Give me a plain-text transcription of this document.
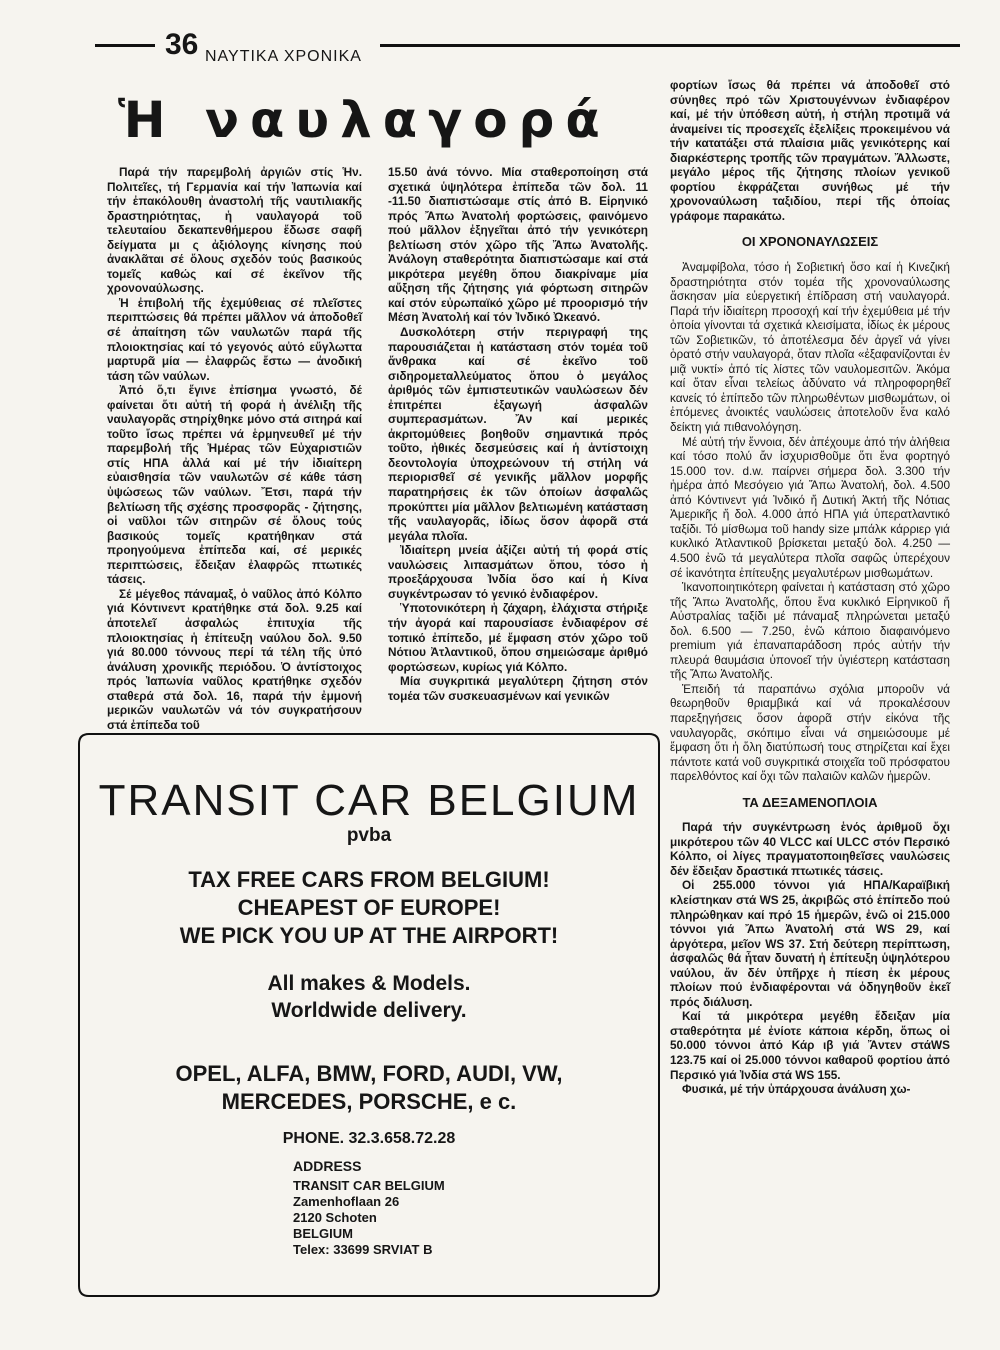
36 ΝΑΥΤΙΚΑ ΧΡΟΝΙΚΑ
Ἡ ναυλαγορά

Παρά τήν παρεμβολή ἀργιῶν στίς Ἡν. Πολιτεῖες, τή Γερμανία καί τήν Ἰαπωνία καί τήν ἐπακόλουθη ἀναστολή τῆς ναυτιλιακῆς δραστηριότητας, ἡ ναυλαγορά τοῦ τελευταίου δεκαπενθήμερου ἔδωσε σαφῆ δείγματα μι ς ἀξιόλογης κίνησης πού ἀνακλᾶται σέ ὅλους σχεδόν τούς βασικούς τομεῖς καθώς καί σέ ἐκεῖνον τῆς χρονοναύλωσης.

Ἡ ἐπιβολή τῆς ἐχεμύθειας σέ πλεῖστες περιπτώσεις θά πρέπει μᾶλλον νά ἀποδοθεῖ σέ ἀπαίτηση τῶν ναυλωτῶν παρά τῆς πλοιοκτησίας καί τό γεγονός αὐτό εὔγλωττα μαρτυρᾶ μία — ἐλαφρῶς ἔστω — ἀνοδική τάση τῶν ναύλων.

Ἀπό ὅ,τι ἔγινε ἐπίσημα γνωστό, δέ φαίνεται ὅτι αὐτή τή φορά ἡ ἀνέλιξη τῆς ναυλαγορᾶς στηρίχθηκε μόνο στά σιτηρά καί τοῦτο ἴσως πρέπει νά ἑρμηνευθεῖ μέ τήν παρεμβολή τῆς Ἡμέρας τῶν Εὐχαριστιῶν στίς ΗΠΑ ἀλλά καί μέ τήν ἰδιαίτερη εὐαισθησία τῶν ναυλωτῶν σέ κάθε τάση ὑψώσεως τῶν ναύλων. Ἔτσι, παρά τήν βελτίωση τῆς σχέσης προσφορᾶς - ζήτησης, οἱ ναῦλοι τῶν σιτηρῶν σέ ὅλους τούς βασικούς τομεῖς κρατήθηκαν στά προηγούμενα ἐπίπεδα καί, σέ μερικές περιπτώσεις, ἔδειξαν ἐλαφρῶς πτωτικές τάσεις.

Σέ μέγεθος πάναμαξ, ὁ ναῦλος ἀπό Κόλπο γιά Κόντινεντ κρατήθηκε στά δολ. 9.25 καί ἀποτελεῖ ἀσφαλώς ἐπιτυχία τῆς πλοιοκτησίας ἡ ἐπίτευξη ναύλου δολ. 9.50 γιά 80.000 τόννους περί τά τέλη τῆς ὑπό ἀνάλυση χρονικῆς περιόδου. Ὁ ἀντίστοιχος πρός Ἰαπωνία ναῦλος κρατήθηκε σχεδόν σταθερά στά δολ. 16, παρά τήν ἐμμονή μερικῶν ναυλωτῶν νά τόν συγκρατήσουν στά ἐπίπεδα τοῦ

15.50 ἀνά τόννο. Μία σταθεροποίηση στά σχετικά ὑψηλότερα ἐπίπεδα τῶν δολ. 11 -11.50 διαπιστώσαμε στίς ἀπό Β. Εἰρηνικό πρός Ἄπω Ἀνατολή φορτώσεις, φαινόμενο πού μᾶλλον ἐξηγεῖται ἀπό τήν γενικότερη βελτίωση στόν χῶρο τῆς Ἄπω Ἀνατολῆς. Ἀνάλογη σταθερότητα διαπιστώσαμε καί στά μικρότερα μεγέθη ὅπου διακρίναμε μία αὔξηση τῆς ζήτησης γιά φόρτωση σιτηρῶν καί στόν εὐρωπαϊκό χῶρο μέ προορισμό τήν Μέση Ἀνατολή καί τόν Ἰνδικό Ὠκεανό.

Δυσκολότερη στήν περιγραφή της παρουσιάζεται ἡ κατάσταση στόν τομέα τοῦ ἄνθρακα καί σέ ἐκεῖνο τοῦ σιδηρομεταλλεύματος ὅπου ὁ μεγάλος ἀριθμός τῶν ἐμπιστευτικῶν ναυλώσεων δέν ἐπιτρέπει ἐξαγωγή ἀσφαλῶν συμπερασμάτων. Ἄν καί μερικές ἀκριτομύθειες βοηθοῦν σημαντικά πρός τοῦτο, ἠθικές δεσμεύσεις καί ἡ ἀντίστοιχη δεοντολογία ὑποχρεώνουν τή στήλη νά περιορισθεῖ σέ γενικῆς μᾶλλον μορφῆς παρατηρήσεις ἐκ τῶν ὁποίων ἀσφαλῶς προκύπτει μία μᾶλλον βελτιωμένη κατάσταση τῆς ναυλαγορᾶς, ἰδίως ὅσον ἀφορᾶ στά μεγάλα πλοῖα.

Ἰδιαίτερη μνεία ἀξίζει αὐτή τή φορά στίς ναυλώσεις λιπασμάτων ὅπου, τόσο ἡ προεξάρχουσα Ἰνδία ὅσο καί ἡ Κίνα συγκέντρωσαν τό γενικό ἐνδιαφέρον.

Ὑποτονικότερη ἡ ζάχαρη, ἐλάχιστα στήριξε τήν ἀγορά καί παρουσίασε ἐνδιαφέρον σέ τοπικό ἐπίπεδο, μέ ἔμφαση στόν χῶρο τοῦ Νότιου Ἀτλαντικοῦ, ὅπου σημειώσαμε ἀριθμό φορτώσεων, κυρίως γιά Κόλπο.

Μία συγκριτικά μεγαλύτερη ζήτηση στόν τομέα τῶν συσκευασμένων καί γενικῶν

φορτίων ἴσως θά πρέπει νά ἀποδοθεῖ στό σύνηθες πρό τῶν Χριστουγέννων ἐνδιαφέρον καί, μέ τήν ὑπόθεση αὐτή, ἡ στήλη προτιμᾶ νά ἀναμείνει τίς προσεχεῖς ἐξελίξεις προκειμένου νά τήν κατατάξει στά πλαίσια μιᾶς γενικότερης καί διαρκέστερης τροπῆς τῶν πραγμάτων. Ἄλλωστε, μεγάλο μέρος τῆς ζήτησης πλοίων γενικοῦ φορτίου ἐκφράζεται συνήθως μέ τήν χρονοναύλωση ταξιδίου, περί τῆς ὁποίας γράφομε παρακάτω.

ΟΙ ΧΡΟΝΟΝΑΥΛΩΣΕΙΣ

Ἀναμφίβολα, τόσο ἡ Σοβιετική ὅσο καί ἡ Κινεζική δραστηριότητα στόν τομέα τῆς χρονοναύλωσης ἄσκησαν μία εὐεργετική ἐπίδραση στή ναυλαγορά. Παρά τήν ἰδιαίτερη προσοχή καί τήν ἐχεμύθεια μέ τήν ὁποία γίνονται τά σχετικά κλεισίματα, ἰδίως ἐκ μέρους τῶν Σοβιετικῶν, τό ἀποτέλεσμα δέν ἀργεῖ νά γίνει ὁρατό στήν ναυλαγορά, ὅταν πλοῖα «ἐξαφανίζονται ἐν μιᾷ νυκτί» ἀπό τίς λίστες τῶν ναυλομεσιτῶν. Ἀκόμα καί ὅταν εἶναι τελείως ἀδύνατο νά πληροφορηθεῖ κανείς τό ἐπίπεδο τῶν πληρωθέντων μισθωμάτων, οἱ ἐπόμενες ἀνοικτές ναυλώσεις ἀποτελοῦν ἕνα καλό δείκτη γιά πιθανολόγηση.

Μέ αὐτή τήν ἔννοια, δέν ἀπέχουμε ἀπό τήν ἀλήθεια καί τόσο πολύ ἄν ἰσχυρισθοῦμε ὅτι ἕνα φορτηγό 15.000 τον. d.w. παίρνει σήμερα δολ. 3.300 τήν ἡμέρα ἀπό Μεσόγειο γιά Ἄπω Ἀνατολή, δολ. 4.500 ἀπό Κόντινεντ γιά Ἰνδικό ἤ Δυτική Ἀκτή τῆς Νότιας Ἀμερικῆς ἤ δολ. 4.000 ἀπό ΗΠΑ γιά ὑπερατλαντικό ταξίδι. Τό μίσθωμα τοῦ handy size μπάλκ κάρριερ γιά κυκλικό Ἀτλαντικοῦ βρίσκεται μεταξύ δολ. 4.250 — 4.500 ἐνῶ τά μεγαλύτερα πλοῖα σαφῶς ὑπερέχουν σέ ἱκανότητα ἐπίτευξης μεγαλυτέρων μισθωμάτων.

Ἱκανοποιητικότερη φαίνεται ἡ κατάσταση στό χῶρο τῆς Ἄπω Ἀνατολῆς, ὅπου ἕνα κυκλικό Εἰρηνικοῦ ἤ Αὐστραλίας ταξίδι μέ πάναμαξ πληρώνεται μεταξύ δολ. 6.500 — 7.250, ἐνῶ κάποιο διαφαινόμενο premium γιά ἐπαναπαράδοση πρός αὐτήν τήν πλευρά θαυμάσια ὑπονοεῖ τήν ὑγιέστερη κατάσταση τῆς Ἄπω Ἀνατολῆς.

Ἐπειδή τά παραπάνω σχόλια μποροῦν νά θεωρηθοῦν θριαμβικά καί νά προκαλέσουν παρεξηγήσεις ὅσον ἀφορᾶ στήν εἰκόνα τῆς ναυλαγορᾶς, σκόπιμο εἶναι νά σημειώσουμε μέ ἔμφαση ὅτι ἡ ὅλη διατύπωσή τους στηρίζεται καί ἔχει πάντοτε κατά νοῦ συγκριτικά στοιχεῖα τοῦ πρόσφατου παρελθόντος καί ὄχι τῶν παλαιῶν καλῶν ἡμερῶν.

ΤΑ ΔΕΞΑΜΕΝΟΠΛΟΙΑ

Παρά τήν συγκέντρωση ἑνός ἀριθμοῦ ὄχι μικρότερου τῶν 40 VLCC καί ULCC στόν Περσικό Κόλπο, οἱ λίγες πραγματοποιηθεῖσες ναυλώσεις δέν ἔδειξαν δραστικά πτωτικές τάσεις.

Οἱ 255.000 τόννοι γιά ΗΠΑ/Καραϊβική κλείστηκαν στά WS 25, ἀκριβῶς στό ἐπίπεδο πού πληρώθηκαν καί πρό 15 ἡμερῶν, ἐνῶ οἱ 215.000 τόννοι γιά Ἄπω Ἀνατολή στά WS 29, καί ἀργότερα, μεῖον WS 37. Στή δεύτερη περίπτωση, ἀσφαλῶς θά ἦταν δυνατή ἡ ἐπίτευξη ὑψηλότερου ναύλου, ἄν δέν ὑπῆρχε ἡ πίεση ἐκ μέρους πλοίων πού ἐνδιαφέρονται νά ὁδηγηθοῦν ἐκεῖ πρός διάλυση.

Καί τά μικρότερα μεγέθη ἔδειξαν μία σταθερότητα μέ ἐνίοτε κάποια κέρδη, ὅπως οἱ 50.000 τόννοι ἀπό Κάρ ιβ γιά Ἄντεν στάWS 123.75 καί οἱ 25.000 τόννοι καθαροῦ φορτίου ἀπό Περσικό γιά Ἰνδία στά WS 155.

Φυσικά, μέ τήν ὑπάρχουσα ἀνάλυση χω-

TRANSIT CAR BELGIUM
pvba
TAX FREE CARS FROM BELGIUM!
CHEAPEST OF EUROPE!
WE PICK YOU UP AT THE AIRPORT!
All makes & Models.
Worldwide delivery.
OPEL, ALFA, BMW, FORD, AUDI, VW,
MERCEDES, PORSCHE, e c.
PHONE. 32.3.658.72.28
ADDRESS
TRANSIT CAR BELGIUM
Zamenhoflaan 26
2120 Schoten
BELGIUM
Telex: 33699 SRVIAT B
